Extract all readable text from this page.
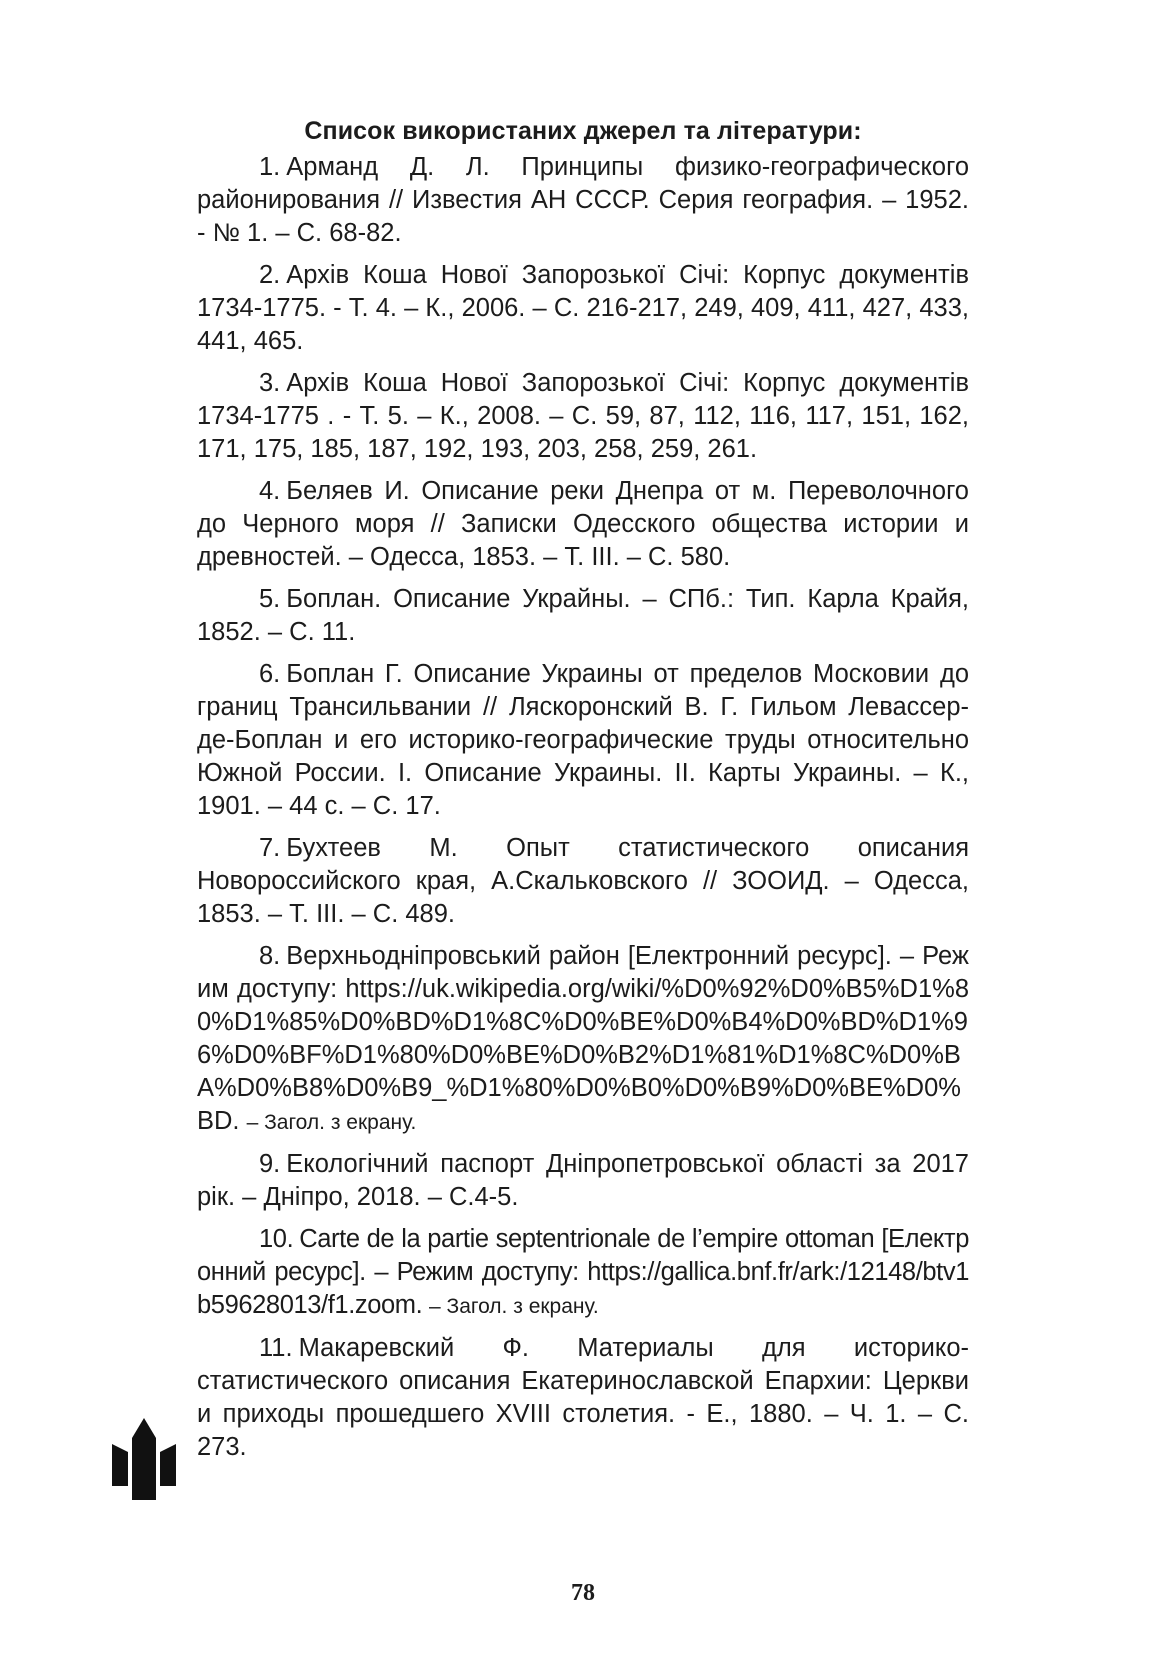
Список використаних джерел та літератури:
1. Арманд Д. Л. Принципы физико-географического районирования // Известия АН СССР. Серия география. – 1952. - № 1. – С. 68-82.
2. Архів Коша Нової Запорозької Січі: Корпус документів 1734-1775. - Т. 4. – К., 2006. – С. 216-217, 249, 409, 411, 427, 433, 441, 465.
3. Архів Коша Нової Запорозької Січі: Корпус документів 1734-1775 . - Т. 5. – К., 2008. – С. 59, 87, 112, 116, 117, 151, 162, 171, 175, 185, 187, 192, 193, 203, 258, 259, 261.
4. Беляев И. Описание реки Днепра от м. Переволочного до Черного моря // Записки Одесского общества истории и древностей. – Одесса, 1853. – Т. III. – С. 580.
5. Боплан. Описание Украйны. – СПб.: Тип. Карла Крайя, 1852. – С. 11.
6. Боплан Г. Описание Украины от пределов Московии до границ Трансильвании // Ляскоронский В. Г. Гильом Левассер-де-Боплан и его историко-географические труды относительно Южной России. I. Описание Украины. II. Карты Украины. – К., 1901. – 44 с. – С. 17.
7. Бухтеев М. Опыт статистического описания Новороссийского края, А.Скальковского // ЗООИД. – Одесса, 1853. – Т. III. – С. 489.
8. Верхньодніпровський район [Електронний ресурс]. – Режим доступу: https://uk.wikipedia.org/wiki/%D0%92%D0%B5%D1%80%D1%85%D0%BD%D1%8C%D0%BE%D0%B4%D0%BD%D1%96%D0%BF%D1%80%D0%BE%D0%B2%D1%81%D1%8C%D0%BA%D0%B8%D0%B9_%D1%80%D0%B0%D0%B9%D0%BE%D0%BD. – Загол. з екрану.
9. Екологічний паспорт Дніпропетровської області за 2017 рік. – Дніпро, 2018. – С.4-5.
10. Carte de la partie septentrionale de l’empire ottoman [Електронний ресурс]. – Режим доступу: https://gallica.bnf.fr/ark:/12148/btv1b59628013/f1.zoom. – Загол. з екрану.
11. Макаревский Ф. Материалы для историко-статистического описания Екатеринославской Епархии: Церкви и приходы прошедшего XVIII столетия. - Е., 1880. – Ч. 1. – С. 273.
78
